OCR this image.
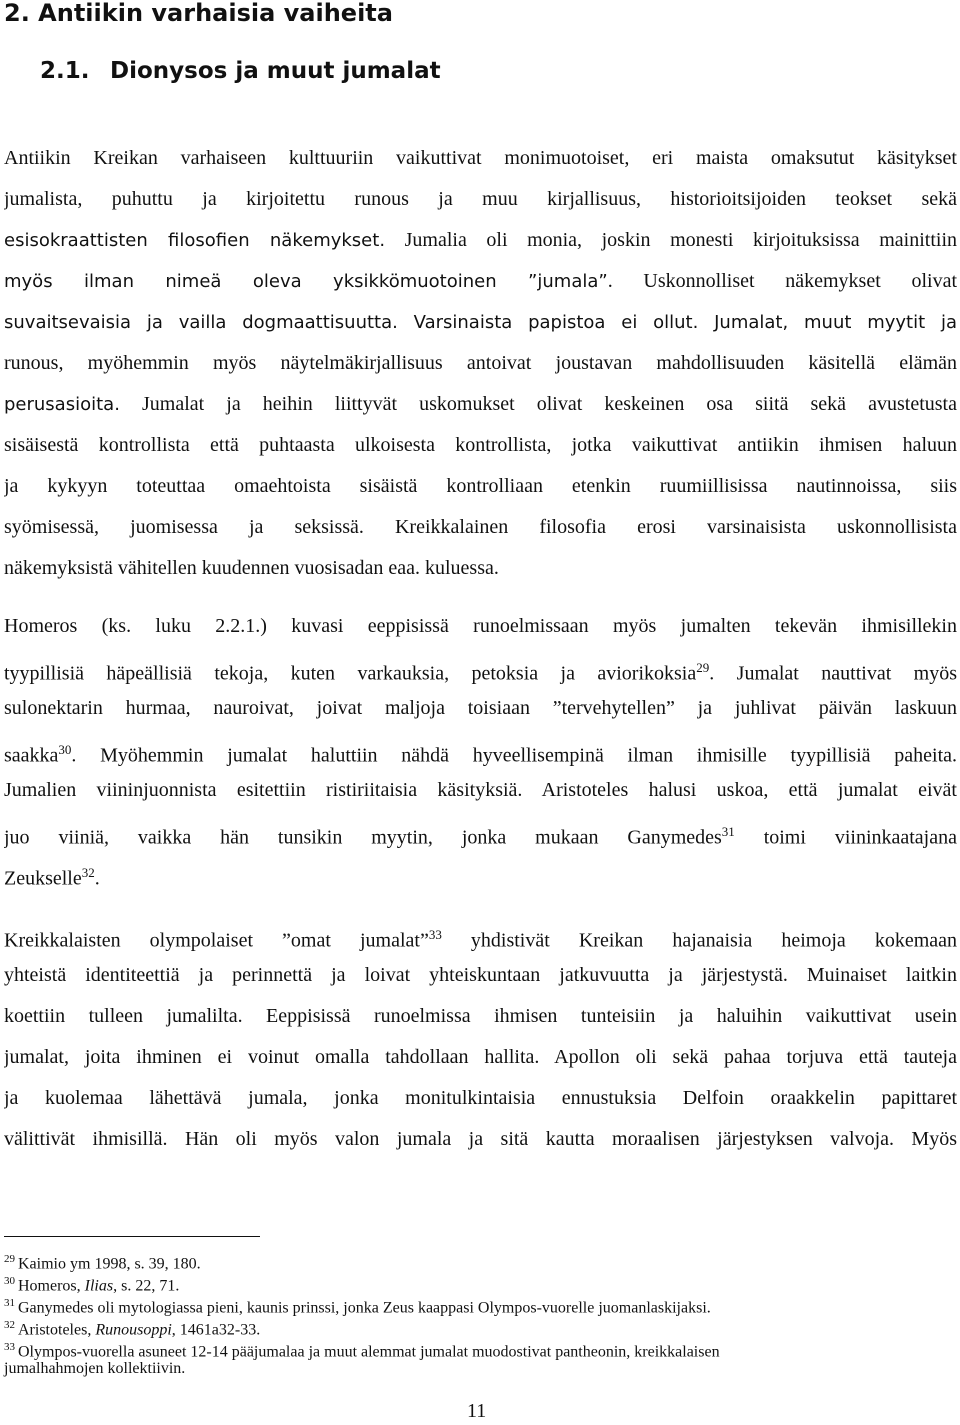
2. Antiikin varhaisia vaiheita
2.1. Dionysos ja muut jumalat
Antiikin Kreikan varhaiseen kulttuuriin vaikuttivat monimuotoiset, eri maista omaksutut käsitykset
jumalista, puhuttu ja kirjoitettu runous ja muu kirjallisuus, historioitsijoiden teokset sekä
esisokraattisten filosofien näkemykset. Jumalia oli monia, joskin monesti kirjoituksissa mainittiin
myös ilman nimeä oleva yksikkömuotoinen ”jumala”. Uskonnolliset näkemykset olivat
suvaitsevaisia ja vailla dogmaattisuutta. Varsinaista papistoa ei ollut. Jumalat, muut myytit ja
runous, myöhemmin myös näytelmäkirjallisuus antoivat joustavan mahdollisuuden käsitellä elämän
perusasioita. Jumalat ja heihin liittyvät uskomukset olivat keskeinen osa siitä sekä avustetusta
sisäisestä kontrollista että puhtaasta ulkoisesta kontrollista, jotka vaikuttivat antiikin ihmisen haluun
ja kykyyn toteuttaa omaehtoista sisäistä kontrolliaan etenkin ruumiillisissa nautinnoissa, siis
syömisessä, juomisessa ja seksissä. Kreikkalainen filosofia erosi varsinaisista uskonnollisista
näkemyksistä vähitellen kuudennen vuosisadan eaa. kuluessa.
Homeros (ks. luku 2.2.1.) kuvasi eeppisissä runoelmissaan myös jumalten tekevän ihmisillekin
tyypillisiä häpeällisiä tekoja, kuten varkauksia, petoksia ja aviorikoksia$^{29}$. Jumalat nauttivat myös
sulonektarin hurmaa, nauroivat, joivat maljoja toisiaan ”tervehytellen” ja juhlivat päivän laskuun
saakka$^{30}$. Myöhemmin jumalat haluttiin nähdä hyveellisempinä ilman ihmisille tyypillisiä paheita.
Jumalien viininjuonnista esitettiin ristiriitaisia käsityksiä. Aristoteles halusi uskoa, että jumalat eivät
juo viiniä, vaikka hän tunsikin myytin, jonka mukaan Ganymedes$^{31}$ toimi viininkaatajana
Zeukselle$^{32}$.
Kreikkalaisten olympolaiset ”omat jumalat”$^{33}$ yhdistivät Kreikan hajanaisia heimoja kokemaan
yhteistä identiteettiä ja perinnettä ja loivat yhteiskuntaan jatkuvuutta ja järjestystä. Muinaiset laitkin
koettiin tulleen jumalilta. Eeppisissä runoelmissa ihmisen tunteisiin ja haluihin vaikuttivat usein
jumalat, joita ihminen ei voinut omalla tahdollaan hallita. Apollon oli sekä pahaa torjuva että tauteja
ja kuolemaa lähettävä jumala, jonka monitulkintaisia ennustuksia Delfoin oraakkelin papittaret
välittivät ihmisillä. Hän oli myös valon jumala ja sitä kautta moraalisen järjestyksen valvoja. Myös
$^{29}$ Kaimio ym 1998, s. 39, 180.
$^{30}$ Homeros, Ilias, s. 22, 71.
$^{31}$ Ganymedes oli mytologiassa pieni, kaunis prinssi, jonka Zeus kaappasi Olympos-vuorelle juomanlaskijaksi.
$^{32}$ Aristoteles, Runousoppi, 1461a32-33.
$^{33}$ Olympos-vuorella asuneet 12-14 pääjumalaa ja muut alemmat jumalat muodostivat pantheonin, kreikkalaisen
jumalhahmojen kollektiivin.
11
